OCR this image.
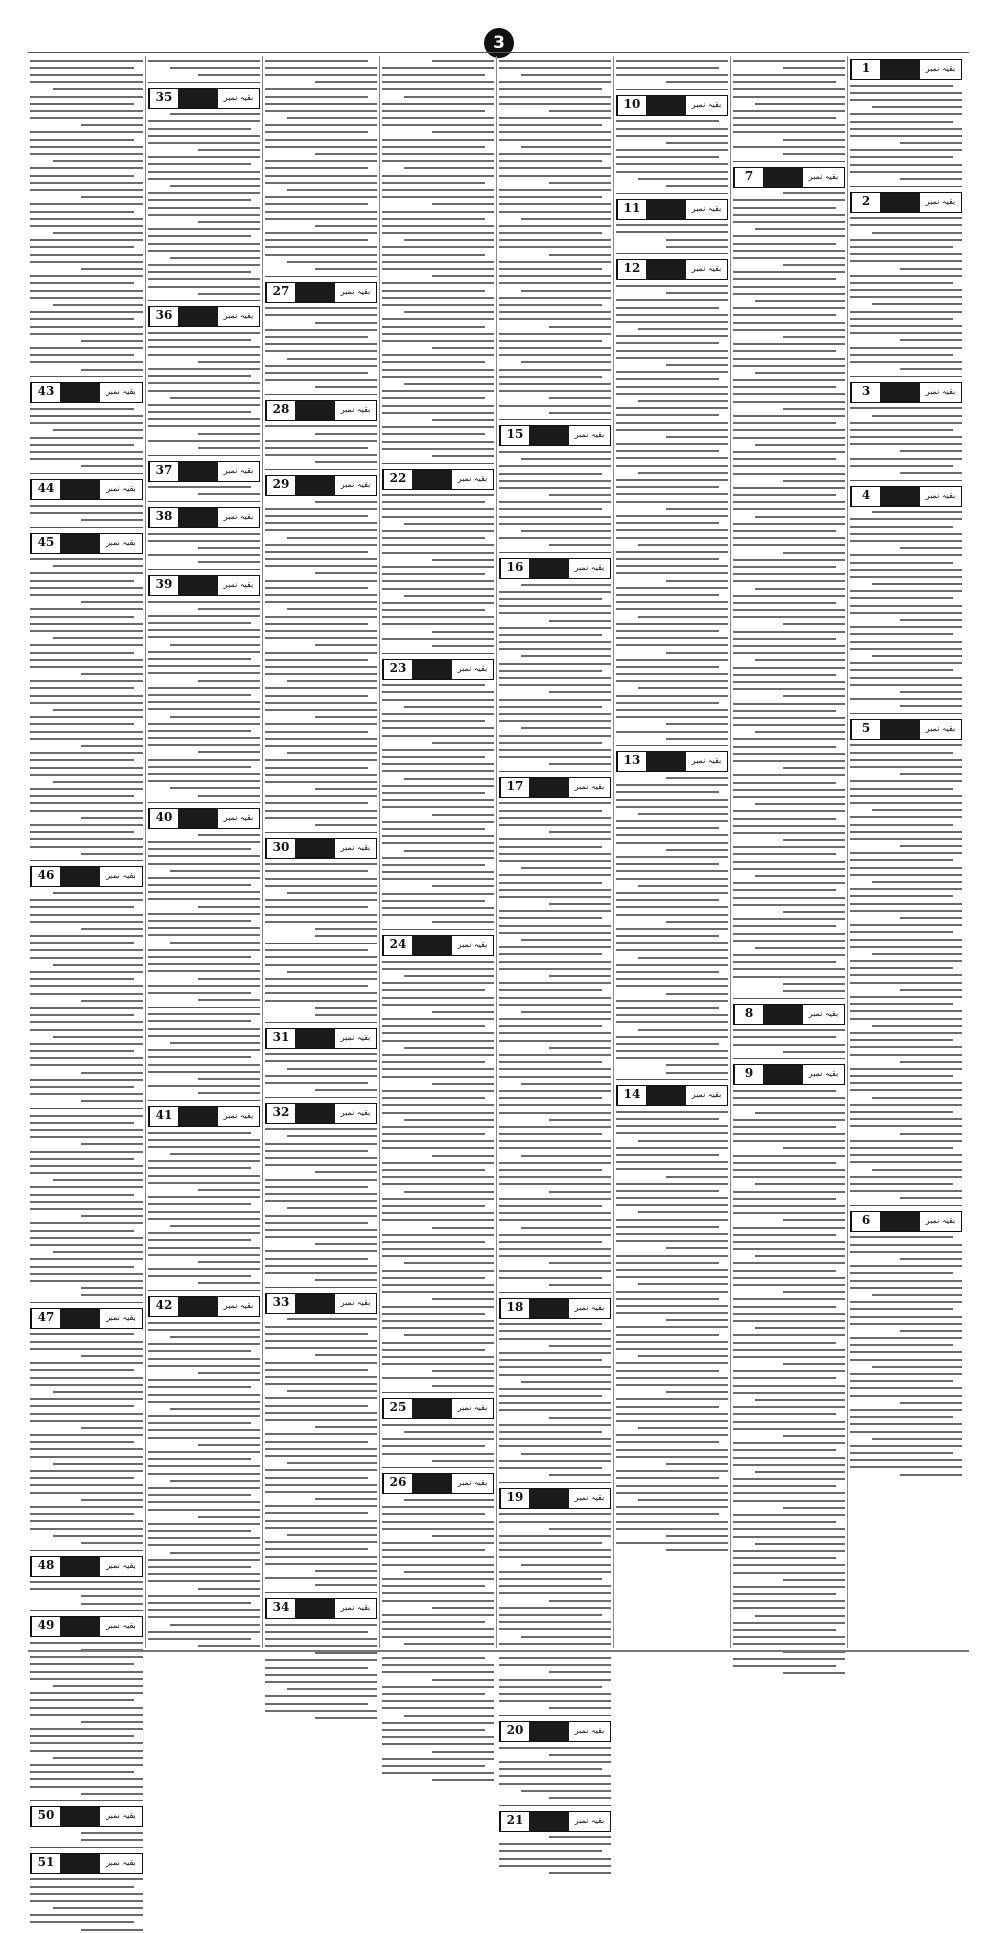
3
43	بقیہ نمبر
44	بقیہ نمبر
45	بقیہ نمبر
46	بقیہ نمبر
47	بقیہ نمبر
48	بقیہ نمبر
49	بقیہ نمبر
50	بقیہ نمبر
51	بقیہ نمبر
35	بقیہ نمبر
36	بقیہ نمبر
37	بقیہ نمبر
38	بقیہ نمبر
39	بقیہ نمبر
40	بقیہ نمبر
41	بقیہ نمبر
42	بقیہ نمبر
27	بقیہ نمبر
28	بقیہ نمبر
29	بقیہ نمبر
30	بقیہ نمبر
31	بقیہ نمبر
32	بقیہ نمبر
33	بقیہ نمبر
34	بقیہ نمبر
22	بقیہ نمبر
23	بقیہ نمبر
24	بقیہ نمبر
25	بقیہ نمبر
26	بقیہ نمبر
15	بقیہ نمبر
16	بقیہ نمبر
17	بقیہ نمبر
18	بقیہ نمبر
19	بقیہ نمبر
20	بقیہ نمبر
21	بقیہ نمبر
10	بقیہ نمبر
11	بقیہ نمبر
12	بقیہ نمبر
13	بقیہ نمبر
14	بقیہ نمبر
7	بقیہ نمبر
8	بقیہ نمبر
9	بقیہ نمبر
1	بقیہ نمبر
2	بقیہ نمبر
3	بقیہ نمبر
4	بقیہ نمبر
5	بقیہ نمبر
6	بقیہ نمبر
